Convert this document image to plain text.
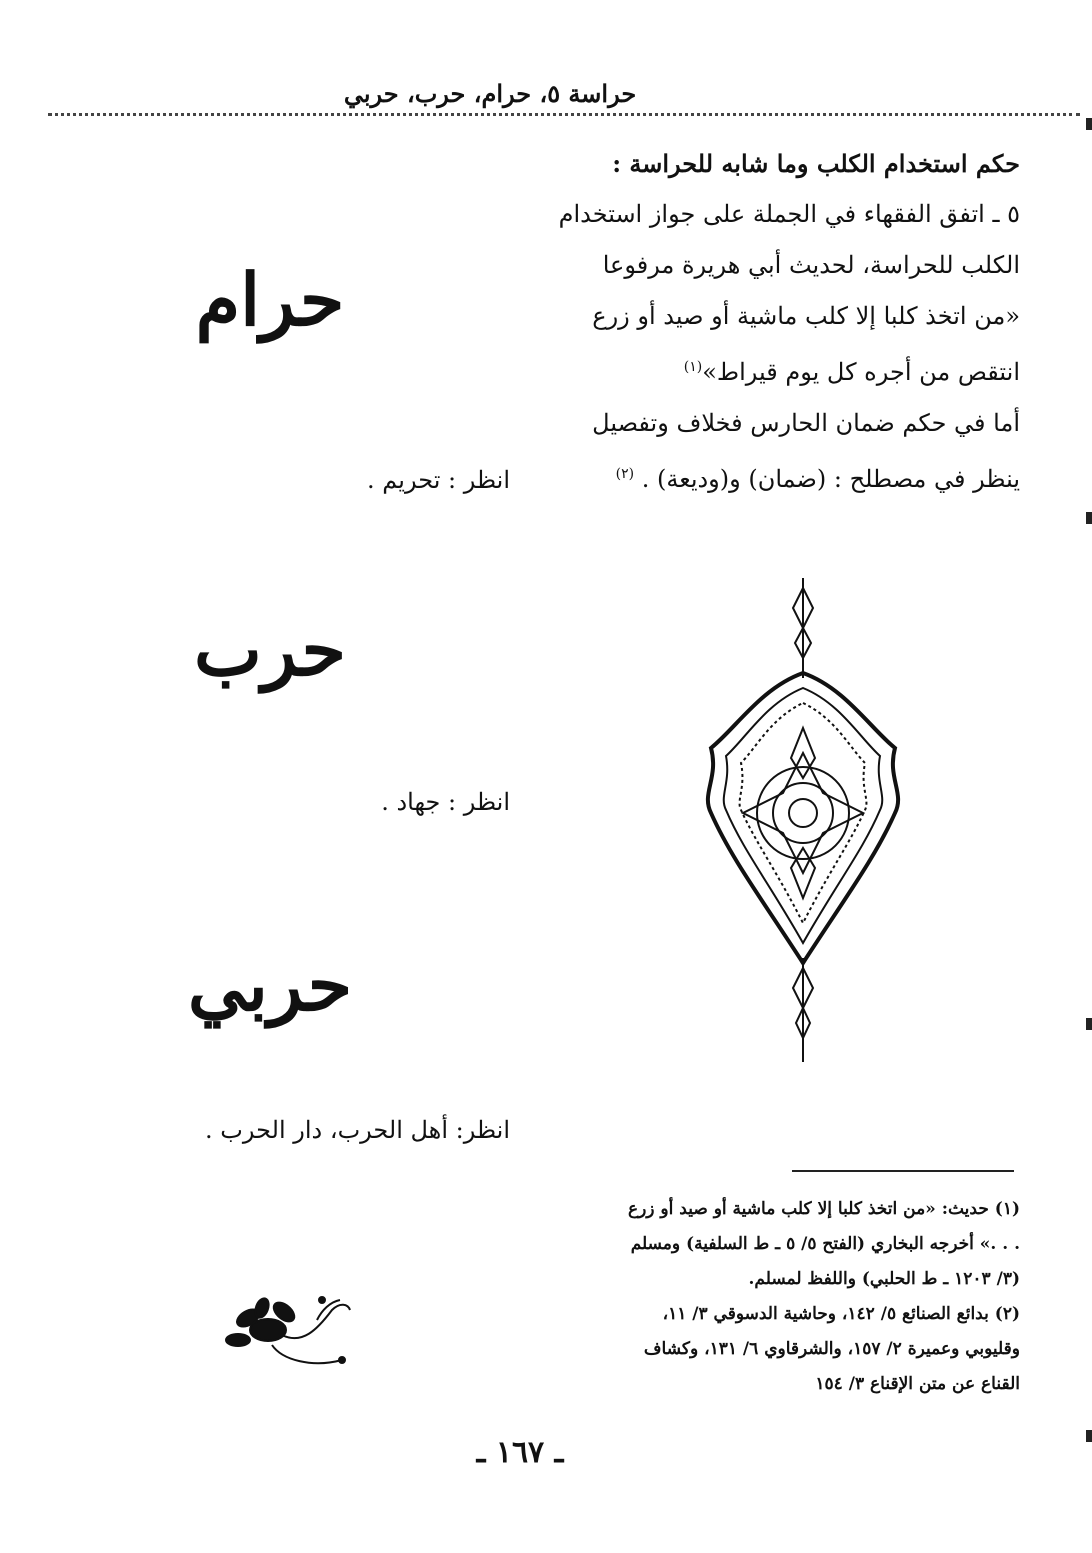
حراسة ٥، حرام، حرب، حربي

حكم استخدام الكلب وما شابه للحراسة :

٥ ـ اتفق الفقهاء في الجملة على جواز استخدام

الكلب للحراسة، لحديث أبي هريرة مرفوعا

«من اتخذ كلبا إلا كلب ماشية أو صيد أو زرع

انتقص من أجره كل يوم قيراط»$^{(١)}$

أما في حكم ضمان الحارس فخلاف وتفصيل

ينظر في مصطلح : (ضمان) و(وديعة) . $^{(٢)}$

حرام
انظر : تحريم .
حرب
انظر : جهاد .
حربي
انظر: أهل الحرب، دار الحرب .

(١) حديث: «من اتخذ كلبا إلا كلب ماشية أو صيد أو زرع

. . .» أخرجه البخاري (الفتح ٥/ ٥ ـ ط السلفية) ومسلم

(٣/ ١٢٠٣ ـ ط الحلبي) واللفظ لمسلم.

(٢) بدائع الصنائع ٥/ ١٤٢، وحاشية الدسوقي ٣/ ١١،

وقليوبي وعميرة ٢/ ١٥٧، والشرقاوي ٦/ ١٣١، وكشاف

القناع عن متن الإقناع ٣/ ١٥٤

ـ ١٦٧ ـ
